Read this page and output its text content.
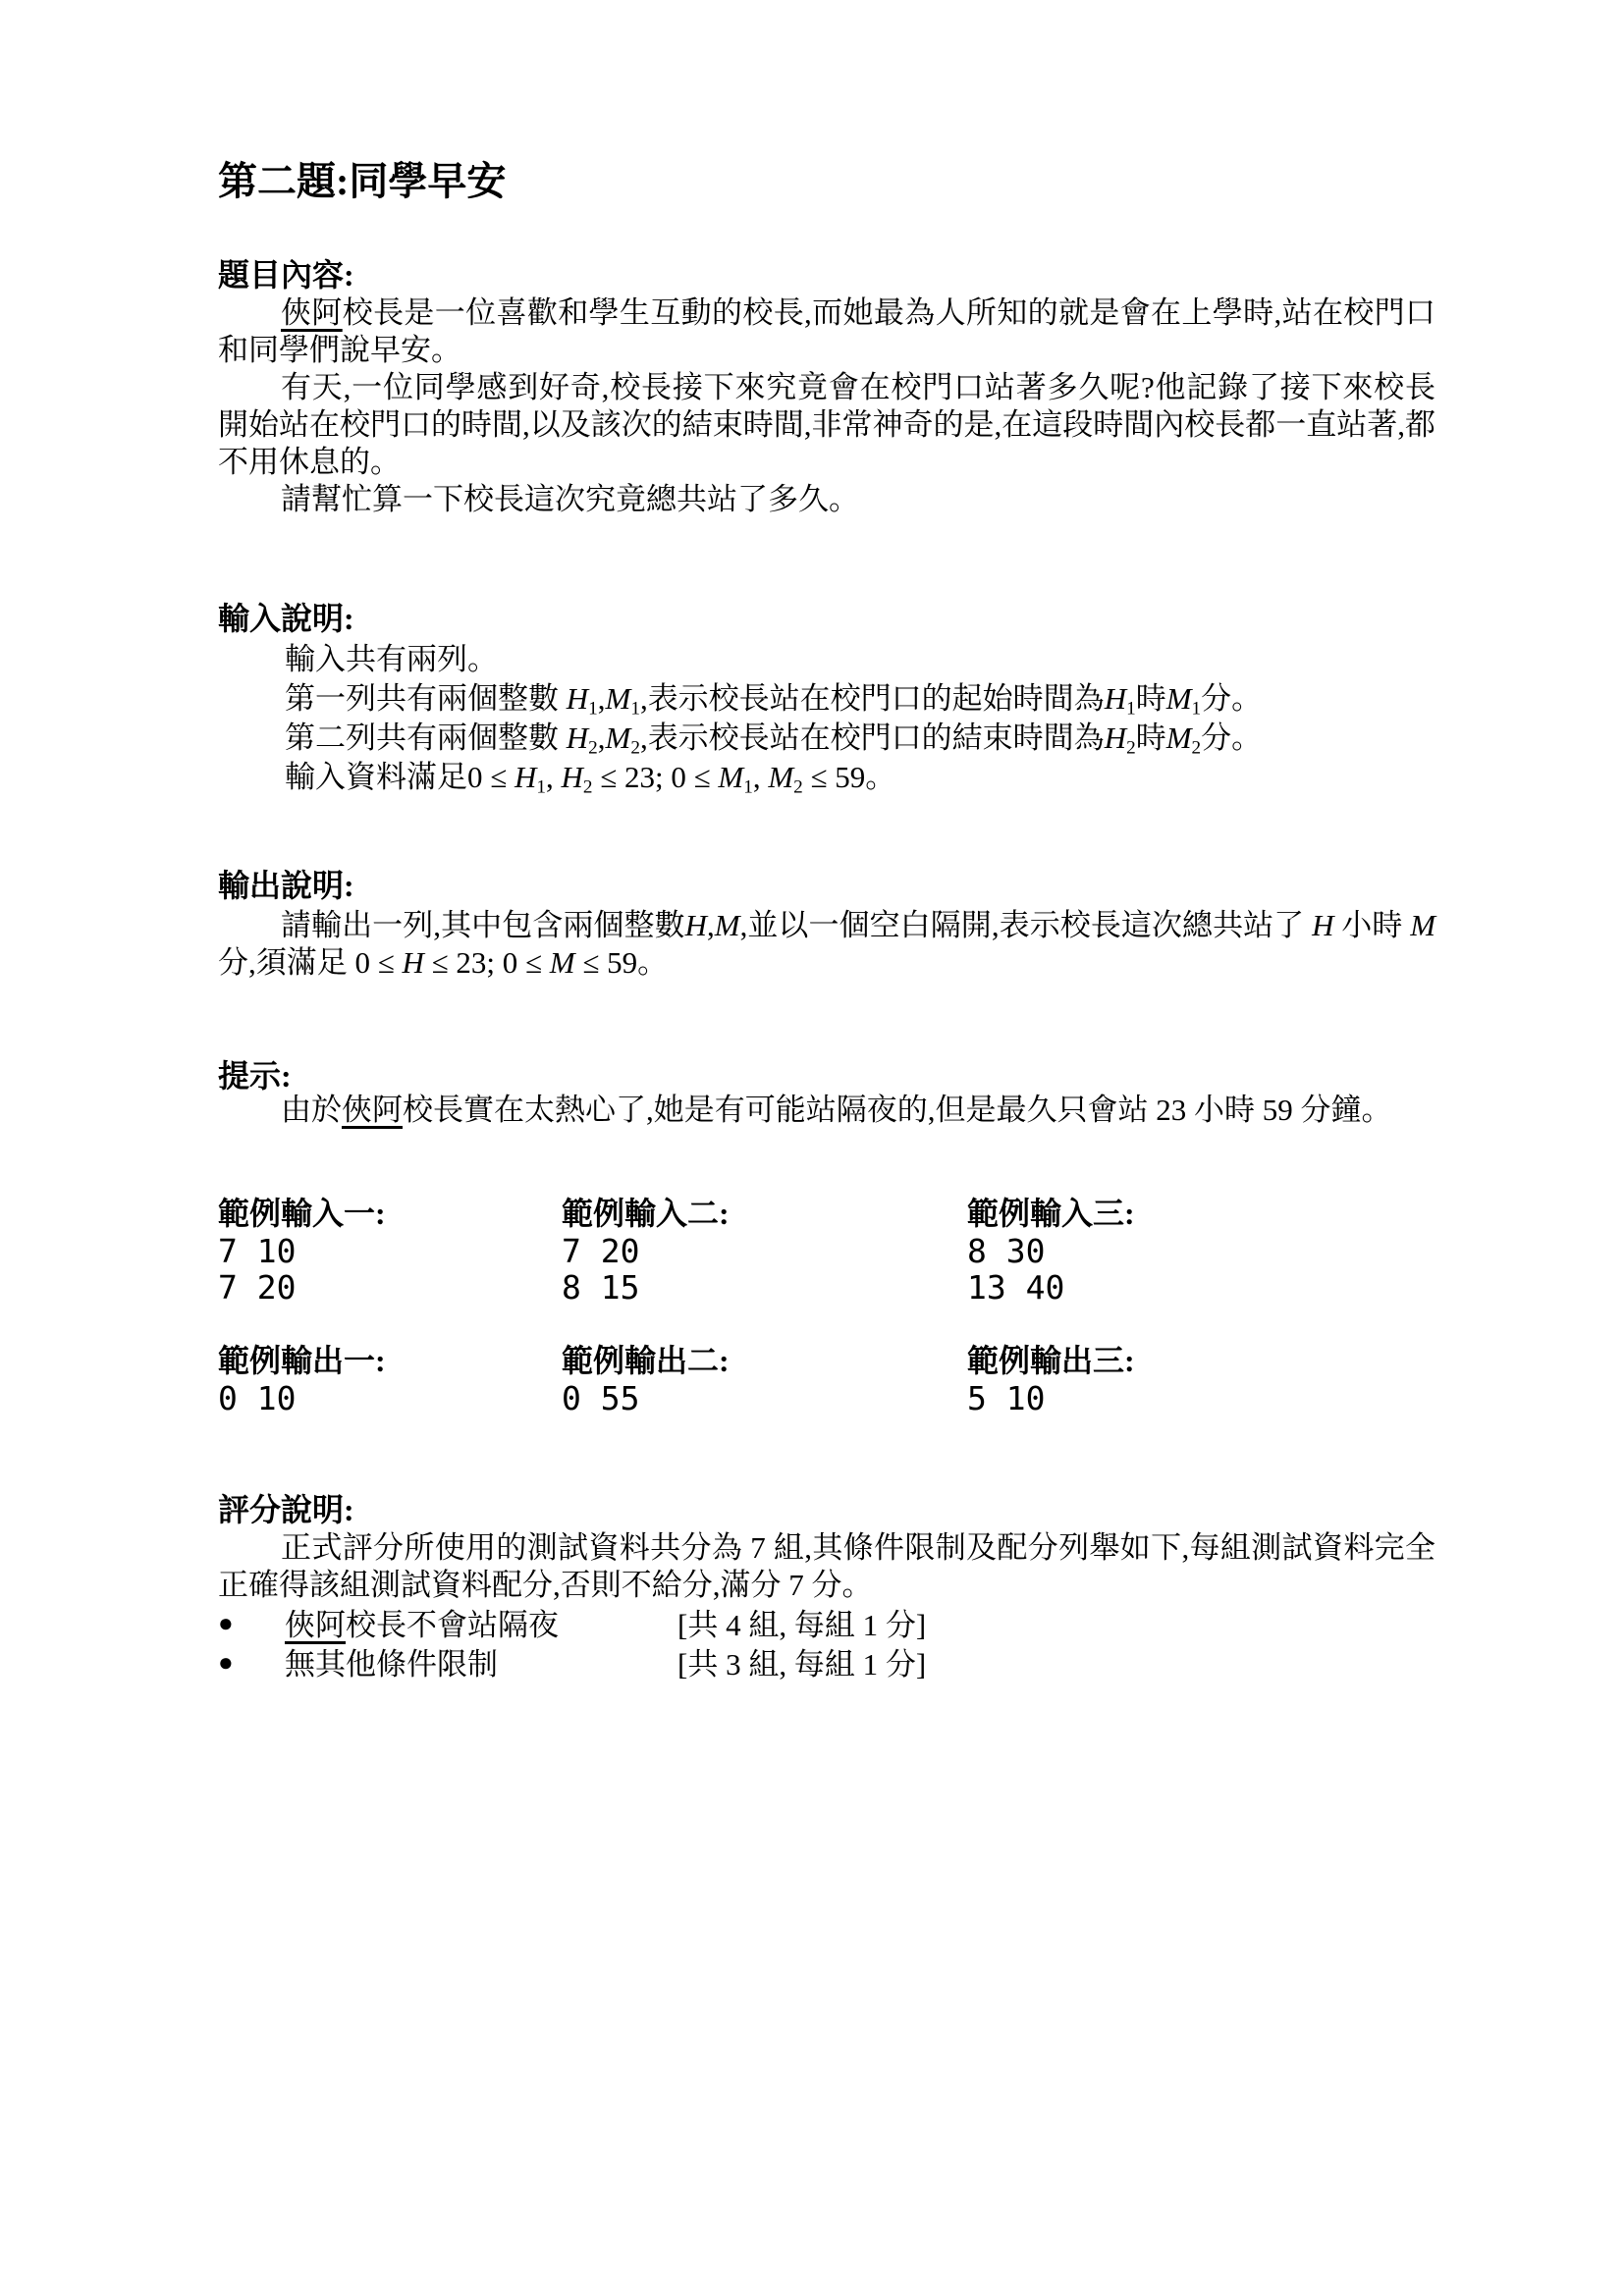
第二題:同學早安
題目內容:

俠阿校長是一位喜歡和學生互動的校長,而她最為人所知的就是會在上學時,站在校門口和同學們說早安。

有天,一位同學感到好奇,校長接下來究竟會在校門口站著多久呢?他記錄了接下來校長開始站在校門口的時間,以及該次的結束時間,非常神奇的是,在這段時間內校長都一直站著,都不用休息的。

請幫忙算一下校長這次究竟總共站了多久。

輸入說明:
輸入共有兩列。
第一列共有兩個整數 H1,M1,表示校長站在校門口的起始時間為H1時M1分。
第二列共有兩個整數 H2,M2,表示校長站在校門口的結束時間為H2時M2分。
輸入資料滿足0 ≤ H1, H2 ≤ 23; 0 ≤ M1, M2 ≤ 59。
輸出說明:

請輸出一列,其中包含兩個整數H,M,並以一個空白隔開,表示校長這次總共站了 H 小時 M 分,須滿足 0 ≤ H ≤ 23; 0 ≤ M ≤ 59。

提示:

由於俠阿校長實在太熱心了,她是有可能站隔夜的,但是最久只會站 23 小時 59 分鐘。

範例輸入一:
7 10
7 20
範例輸入二:
7 20
8 15
範例輸入三:
8 30
13 40
範例輸出一:
0 10
範例輸出二:
0 55
範例輸出三:
5 10
評分說明:

正式評分所使用的測試資料共分為 7 組,其條件限制及配分列舉如下,每組測試資料完全正確得該組測試資料配分,否則不給分,滿分 7 分。

● 俠阿校長不會站隔夜	[共 4 組, 每組 1 分]
● 無其他條件限制	[共 3 組, 每組 1 分]
